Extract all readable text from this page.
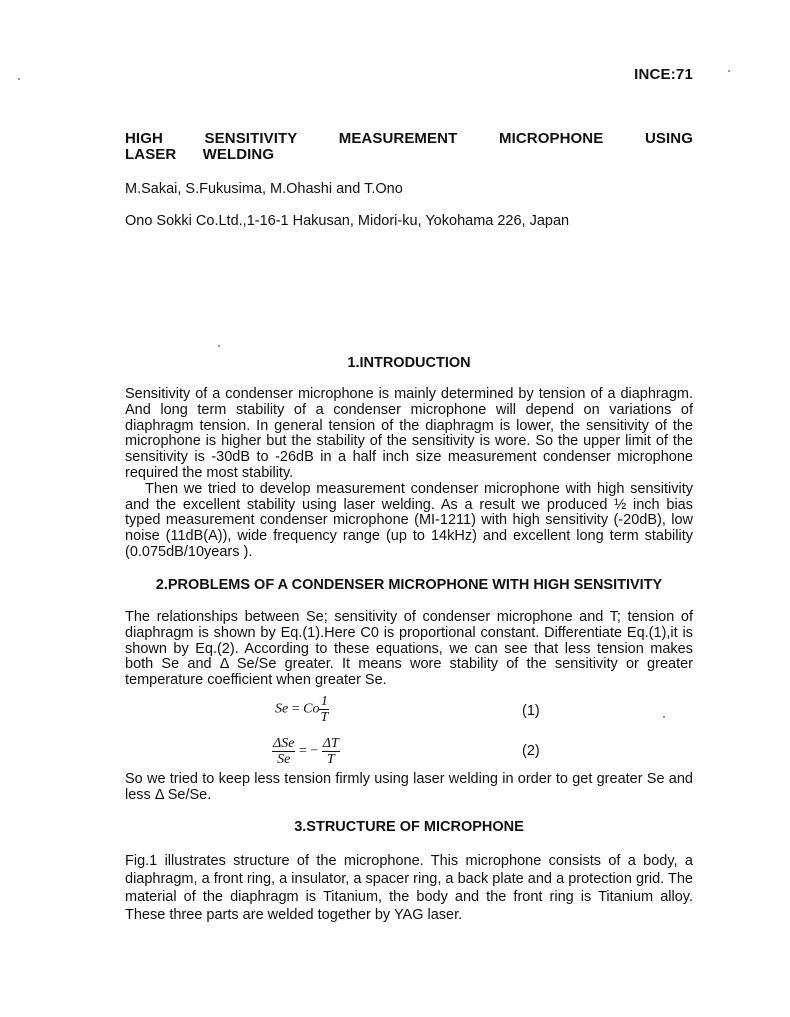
INCE:71
HIGH SENSITIVITY MEASUREMENT MICROPHONE USING LASER WELDING
M.Sakai, S.Fukusima, M.Ohashi and T.Ono
Ono Sokki Co.Ltd.,1-16-1 Hakusan, Midori-ku, Yokohama 226, Japan
1.INTRODUCTION

Sensitivity of a condenser microphone is mainly determined by tension of a diaphragm. And long term stability of a condenser microphone will depend on variations of diaphragm tension. In general tension of the diaphragm is lower, the sensitivity of the microphone is higher but the stability of the sensitivity is wore. So the upper limit of the sensitivity is -30dB to -26dB in a half inch size measurement condenser microphone required the most stability.

Then we tried to develop measurement condenser microphone with high sensitivity and the excellent stability using laser welding. As a result we produced ½ inch bias typed measurement condenser microphone (MI-1211) with high sensitivity (-20dB), low noise (11dB(A)), wide frequency range (up to 14kHz) and excellent long term stability (0.075dB/10years ).

2.PROBLEMS OF A CONDENSER MICROPHONE WITH HIGH SENSITIVITY
The relationships between Se; sensitivity of condenser microphone and T; tension of diaphragm is shown by Eq.(1).Here C0 is proportional constant. Differentiate Eq.(1),it is shown by Eq.(2). According to these equations, we can see that less tension makes both Se and Δ Se/Se greater. It means wore stability of the sensitivity or greater temperature coefficient when greater Se.
Se = Co $\frac{1}{T}$	(1)
$\frac{\text{ΔSe}}{Se}$ = − $\frac{\Delta T}{T}$	(2)
So we tried to keep less tension firmly using laser welding in order to get greater Se and less Δ Se/Se.
3.STRUCTURE OF MICROPHONE
Fig.1 illustrates structure of the microphone. This microphone consists of a body, a diaphragm, a front ring, a insulator, a spacer ring, a back plate and a protection grid. The material of the diaphragm is Titanium, the body and the front ring is Titanium alloy. These three parts are welded together by YAG laser.
